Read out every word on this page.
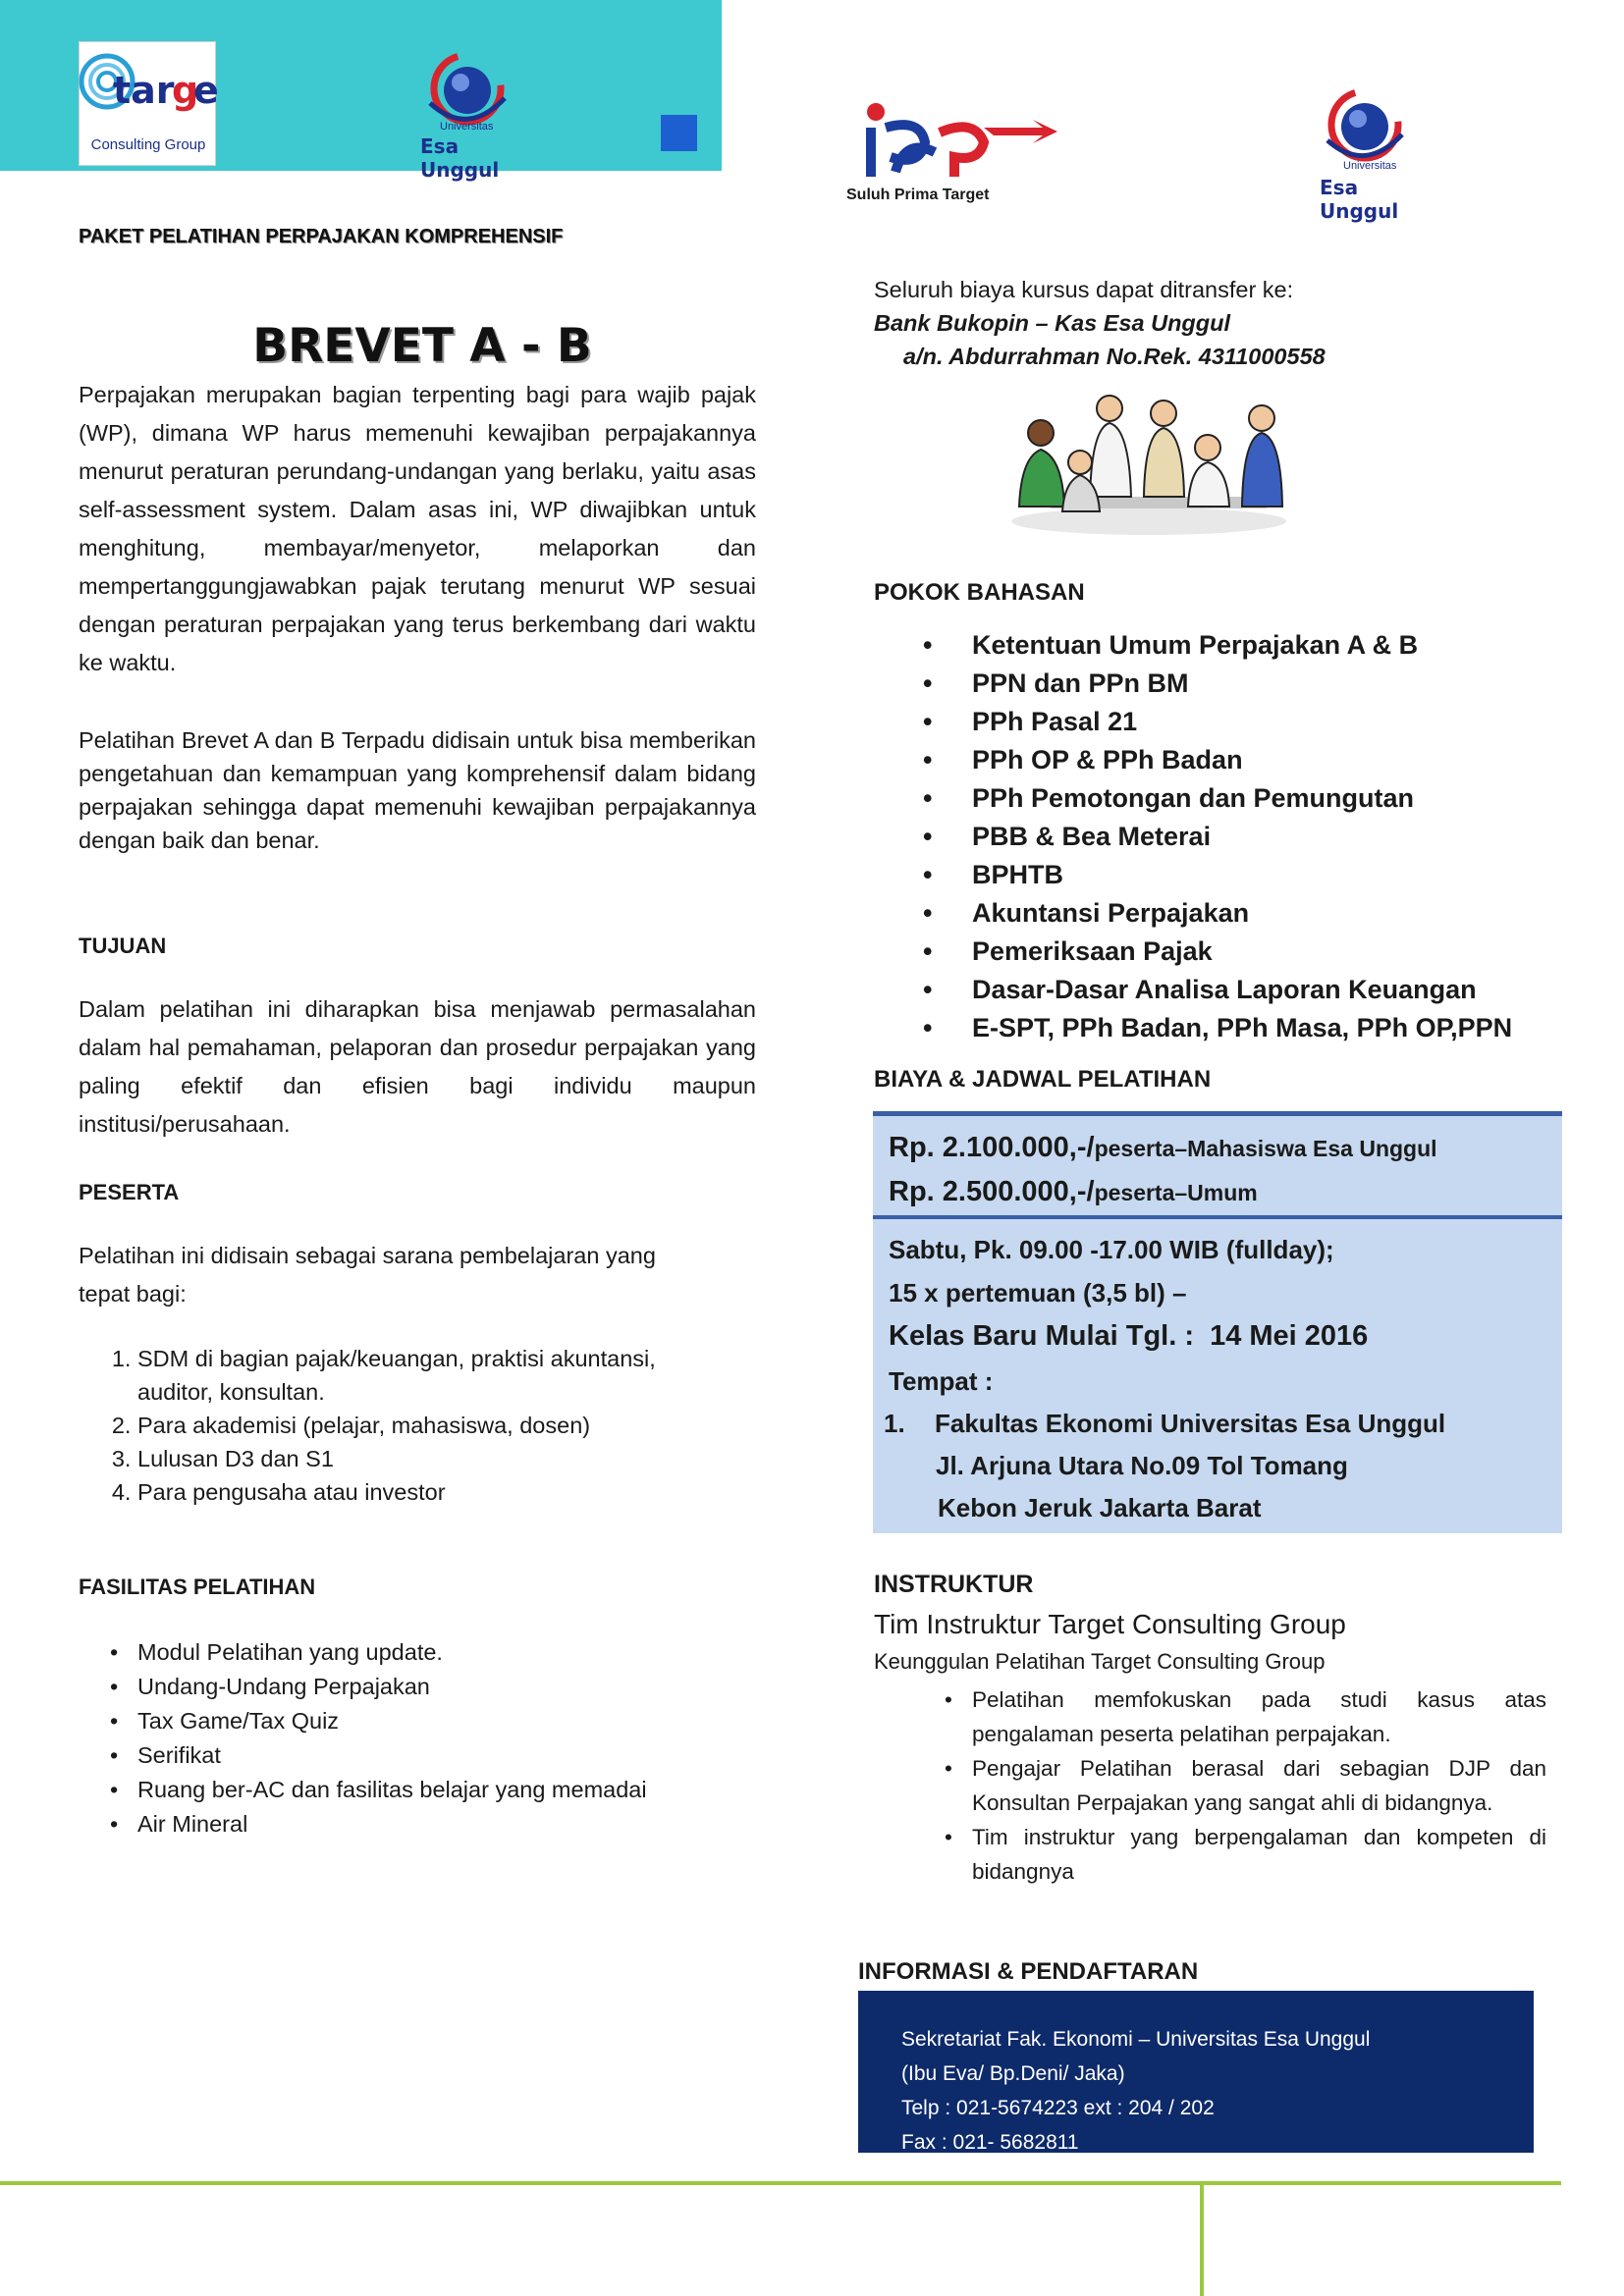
tar
g
e
Consulting Group
Universitas
Esa Unggul
Suluh Prima Target
Universitas
Esa Unggul
PAKET PELATIHAN PERPAJAKAN KOMPREHENSIF
BREVET A - B
Perpajakan merupakan bagian terpenting bagi para wajib pajak (WP), dimana WP harus memenuhi kewajiban perpajakannya menurut peraturan perundang-undangan yang berlaku, yaitu asas self-assessment system. Dalam asas ini, WP diwajibkan untuk menghitung, membayar/menyetor, melaporkan dan mempertanggungjawabkan pajak terutang menurut WP sesuai dengan peraturan perpajakan yang terus berkembang dari waktu ke waktu.
Pelatihan Brevet A dan B Terpadu didisain untuk bisa memberikan pengetahuan dan kemampuan yang komprehensif dalam bidang perpajakan sehingga dapat memenuhi kewajiban perpajakannya dengan baik dan benar.
TUJUAN
Dalam pelatihan ini diharapkan bisa menjawab permasalahan dalam hal pemahaman, pelaporan dan prosedur perpajakan yang paling efektif dan efisien bagi individu maupun institusi/perusahaan.
PESERTA
Pelatihan ini didisain sebagai sarana pembelajaran yang tepat bagi:
1. SDM di bagian pajak/keuangan, praktisi akuntansi, auditor, konsultan.
2. Para akademisi (pelajar, mahasiswa, dosen)
3. Lulusan D3 dan S1
4. Para pengusaha atau investor
FASILITAS PELATIHAN
• Modul Pelatihan yang update.
• Undang-Undang Perpajakan
• Tax Game/Tax Quiz
• Serifikat
• Ruang ber-AC dan fasilitas belajar yang memadai
• Air Mineral
Seluruh biaya kursus dapat ditransfer ke:
Bank Bukopin – Kas Esa Unggul
a/n. Abdurrahman No.Rek. 4311000558
POKOK BAHASAN
• Ketentuan Umum Perpajakan A & B
• PPN dan PPn BM
• PPh Pasal 21
• PPh OP & PPh Badan
• PPh Pemotongan dan Pemungutan
• PBB & Bea Meterai
• BPHTB
• Akuntansi Perpajakan
• Pemeriksaan Pajak
• Dasar-Dasar Analisa Laporan Keuangan
• E-SPT, PPh Badan, PPh Masa, PPh OP,PPN
BIAYA & JADWAL PELATIHAN
Rp. 2.100.000,-/peserta–Mahasiswa Esa Unggul
Rp. 2.500.000,-/peserta–Umum
Sabtu, Pk. 09.00 -17.00 WIB (fullday);
15 x pertemuan (3,5 bl) –
Kelas Baru Mulai Tgl. : 14 Mei 2016
Tempat :
1. Fakultas Ekonomi Universitas Esa Unggul
Jl. Arjuna Utara No.09 Tol Tomang
Kebon Jeruk Jakarta Barat
INSTRUKTUR
Tim Instruktur Target Consulting Group
Keunggulan Pelatihan Target Consulting Group
• Pelatihan memfokuskan pada studi kasus atas pengalaman peserta pelatihan perpajakan.
• Pengajar Pelatihan berasal dari sebagian DJP dan Konsultan Perpajakan yang sangat ahli di bidangnya.
• Tim instruktur yang berpengalaman dan kompeten di bidangnya
INFORMASI & PENDAFTARAN
Sekretariat Fak. Ekonomi – Universitas Esa Unggul
(Ibu Eva/ Bp.Deni/ Jaka)
Telp : 021-5674223 ext : 204 / 202
Fax : 021- 5682811
